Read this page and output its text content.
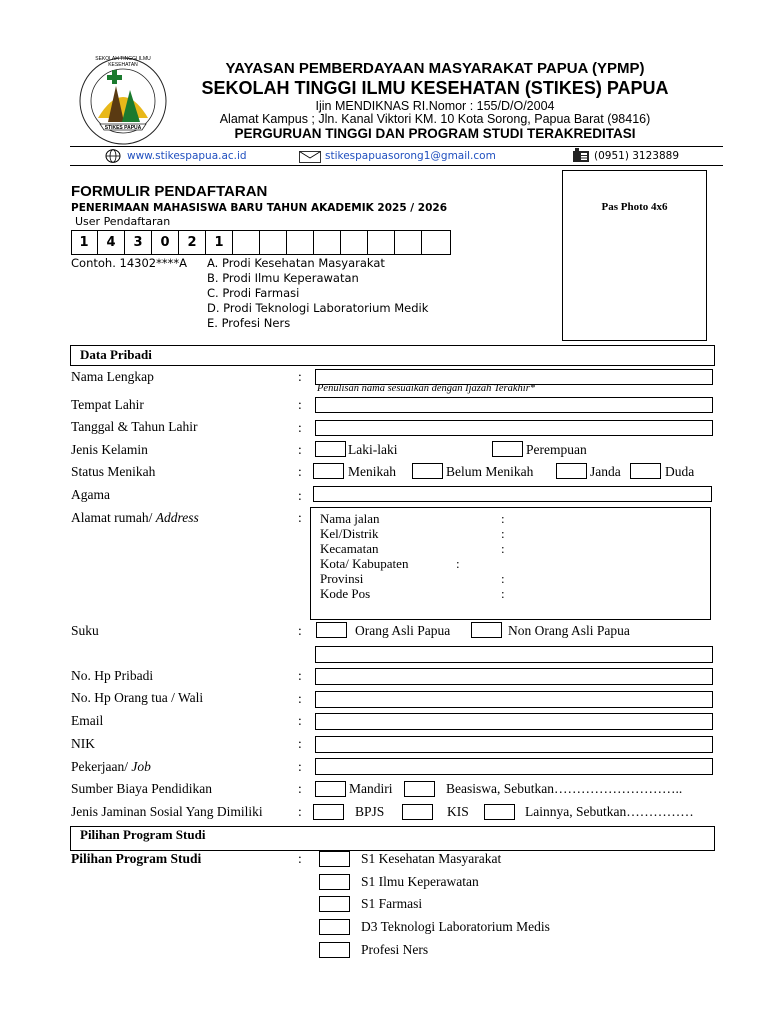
SEKOLAH TINGGI ILMU KESEHATAN
STIKES PAPUA
YAYASAN PEMBERDAYAAN MASYARAKAT PAPUA (YPMP)
SEKOLAH TINGGI ILMU KESEHATAN (STIKES) PAPUA
Ijin MENDIKNAS RI.Nomor : 155/D/O/2004
Alamat Kampus ; Jln. Kanal Viktori KM. 10 Kota Sorong, Papua Barat (98416)
PERGURUAN TINGGI DAN PROGRAM STUDI TERAKREDITASI
www.stikespapua.ac.id	stikespapuasorong1@gmail.com	(0951) 3123889
FORMULIR PENDAFTARAN
PENERIMAAN MAHASISWA BARU TAHUN AKADEMIK 2025 / 2026
User Pendaftaran
Pas Photo 4x6
1	4	3	0	2	1
Contoh. 14302****A A. Prodi Kesehatan Masyarakat
B. Prodi Ilmu Keperawatan
C. Prodi Farmasi
D. Prodi Teknologi Laboratorium Medik
E. Profesi Ners
Data Pribadi
Nama Lengkap	:
Penulisan nama sesuaikan dengan Ijazah Terakhir*
Tempat Lahir	:
Tanggal & Tahun Lahir	:
Jenis Kelamin	:	Laki-laki	Perempuan
Status Menikah	:	Menikah	Belum Menikah	Janda	Duda
Agama	:
Alamat rumah/ Address	: Nama jalan	:
Kel/Distrik	:
Kecamatan	:
Kota/ Kabupaten	:
Provinsi	:
Kode Pos	:
Suku	:	Orang Asli Papua	Non Orang Asli Papua
No. Hp Pribadi	:
No. Hp Orang tua / Wali	:
Email	:
NIK	:
Pekerjaan/ Job	:
Sumber Biaya Pendidikan	:	Mandiri	Beasiswa, Sebutkan………………………..
Jenis Jaminan Sosial Yang Dimiliki	:	BPJS	KIS	Lainnya, Sebutkan……………
Pilihan Program Studi
Pilihan Program Studi	:	S1 Kesehatan Masyarakat
S1 Ilmu Keperawatan
S1 Farmasi
D3 Teknologi Laboratorium Medis
Profesi Ners
